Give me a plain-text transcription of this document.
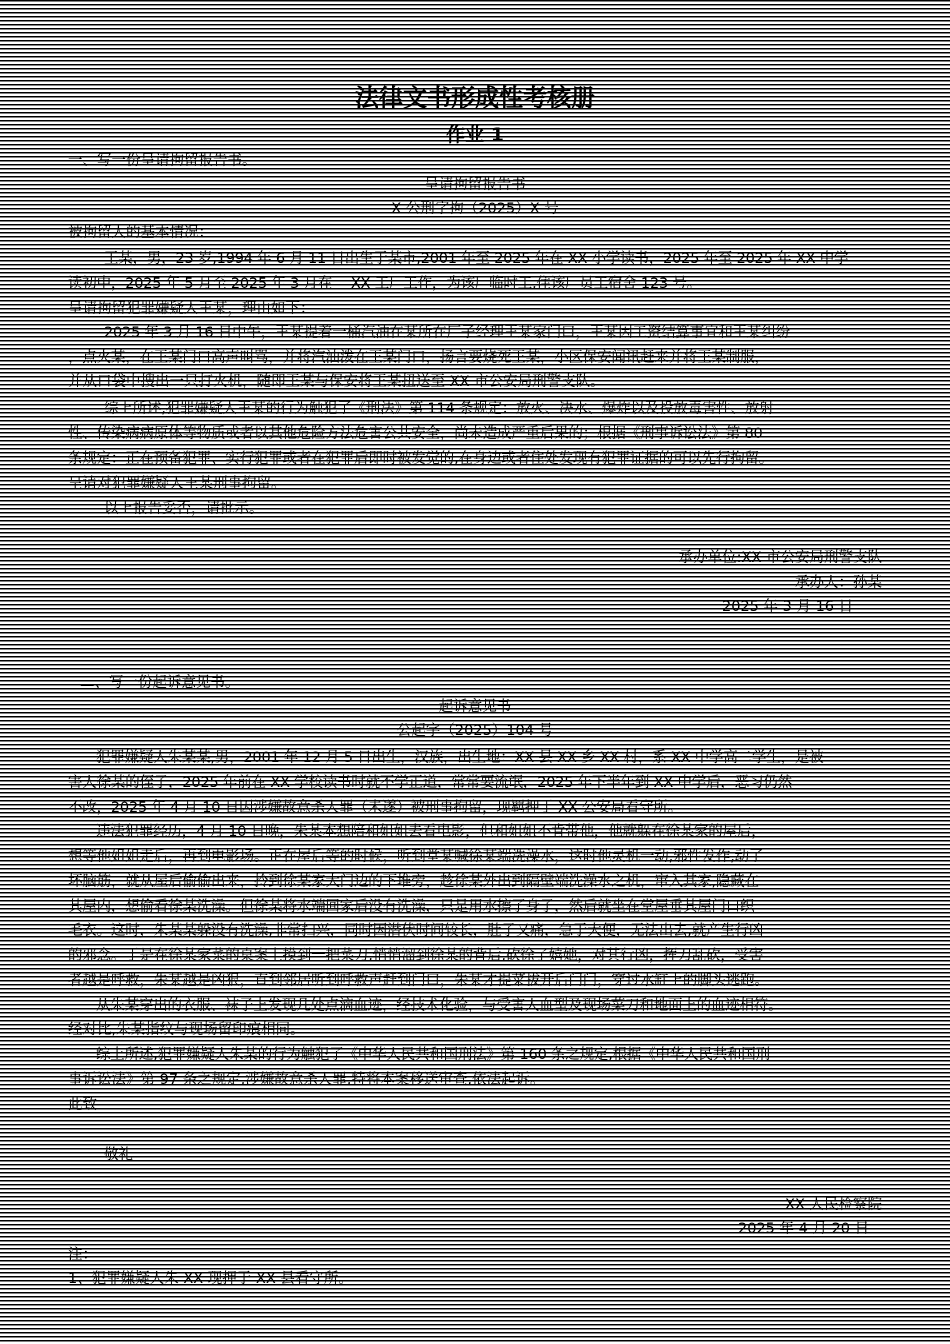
法律文书形成性考核册
作业 1
一、写一份呈请拘留报告书。
呈请拘留报告书
X 公刑字拘（2025）X 号
被拘留人的基本情况：
王某，男，23 岁,1994 年 6 月 11 日出生于某市,2001 年至 2025 年在 XX 小学读书，2025 年至 2025 年 XX 中学
读初中，2025 年 5 月至 2025 年 3 月在 　XX 工厂工作，为该厂临时工,住该厂员工宿舍 123 号。
呈请拘留犯罪嫌疑人王某，理由如下：
2025 年 3 月 16 日中午，王某提着一桶汽油在某所在厂子经理王某家门口，王某因工资结算事宜和王某纠纷
，点火某，在王某门口高声叫骂，并将汽油泼在王某门口，扬言要烧死王某，小区保安闻讯赶来并将王某制服，
并从口袋中搜出一只打火机，随即王某与保安将王某扭送至 XX 市公安局刑警支队。
综上所述,犯罪嫌疑人王某的行为触犯了《刑法》第 114 条规定：放火、决水、爆炸以及投放毒害性、放射
性、传染病病原体等物质或者以其他危险方法危害公共安全，尚未造成严重后果的；根据《刑事诉讼法》第 80
条规定：正在预备犯罪、实行犯罪或者在犯罪后即时被发觉的,在身边或者住处发现有犯罪证据的可以先行拘留。
呈请对犯罪嫌疑人王某刑事拘留。
以上报告妥否，请批示。
承办单位:XX 市公安局刑警支队
承办人：孙某
2025 年 3 月 16 日
二、写一份起诉意见书。
起诉意见书
公起字（2025）104 号
犯罪嫌疑人朱某某,男，2001 年 12 月 5 日出生，汉族，出生地：XX 县 XX 乡 XX 村，系 XX 中学高二学生，是被
害人徐某的侄子，2025 年前在 XX 学校读书时就不学正道，常常要流氓，2025 年下半年到 XX 中学后，恶习仍然
不改，2025 年 4 月 10 日因涉嫌故意杀人罪（未遂）被刑事拘留，现羁押于 XX 公安局看守所。
违法犯罪经历，4 月 10 日晚，朱某本想陪和姐姐去看电影，但和姐姐不肯带他，他就躲在徐某家的屋后，
想等他姐姐走后，再到电影场。正在屋后等的时候，听到堂某喊徐某端洗澡水，这时他灵机一动,邪性发作,动了
坏脑筋，就从屋后偷偷出来，拎到徐某家大门边的下堆旁，趁徐某外出到隔壁端洗澡水之机，窜入其家,隐藏在
其屋内，想偷看徐某洗澡。但徐某将水端回家后没有洗澡，只是用水擦了身子，然后就坐在堂屋垂其屋门口织
毛衣。这时，朱某某躲没有洗澡,非常扫兴，同时因潜伏时间较长，肚子又痛，急于大便，无法出去,就产生行凶
的邪念。于是在徐某家菜的桌案上摸到一把菜刀,悄悄溜到徐某的背后,砍徐了嬉她，对其行凶，挥刀乱砍，受害
者越是呼救，朱某越是凶狠，直到邻居听到呼救声赶到门口，朱某才提菜拔开后门门，穿过水缸上的脚头逃跑。
从朱某穿出的衣服、袜子上发现几处点滴血迹，经技术化验，与受害人血型及现场菜刀和地面上的血迹相符。
经对比,朱某指纹与现场留印痕相同。
综上所述,犯罪嫌疑人朱某的行为触犯了《中华人民共和国刑法》第 160 条之规定,根据《中华人民共和国刑
事诉讼法》第 97 条之规定,涉嫌故意杀人罪,特将本案移送审查,依法起诉。
此致
敬礼
XX 人民检察院
2025 年 4 月 20 日
注：
1、犯罪嫌疑人朱 XX 现押于 XX 县看守所。
